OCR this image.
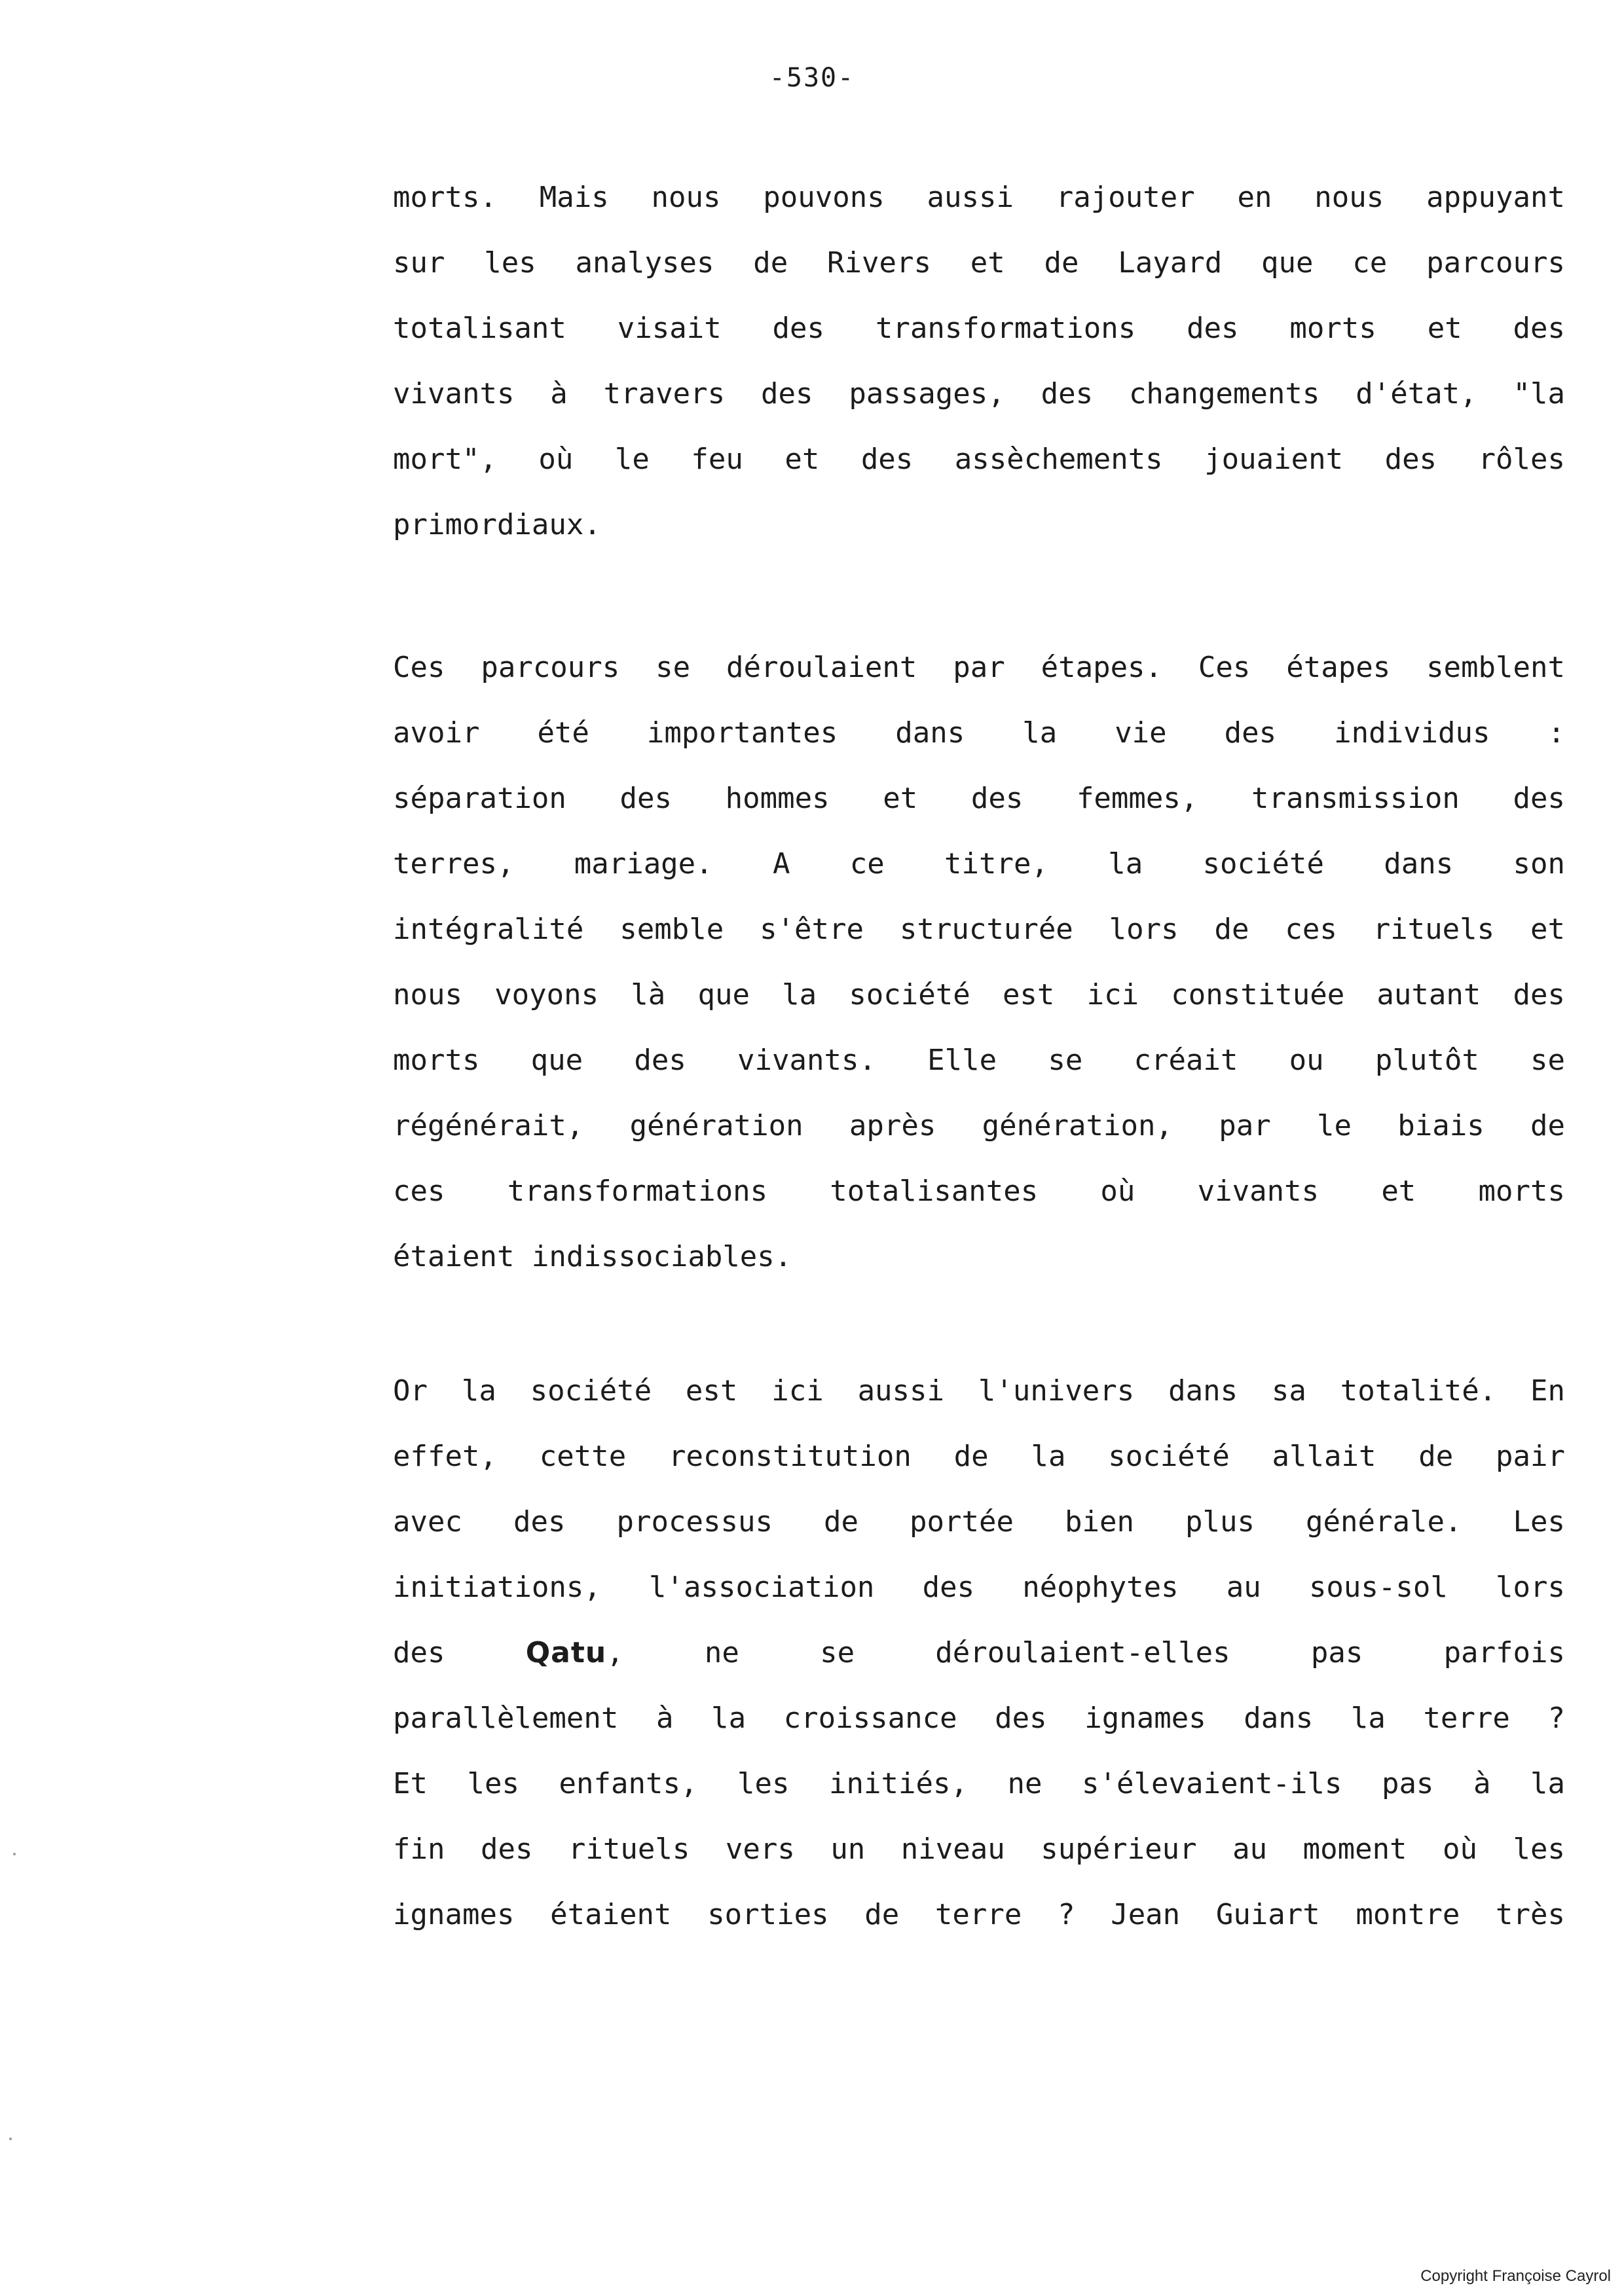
-530-
morts. Mais nous pouvons aussi rajouter en nous appuyant
sur les analyses de Rivers et de Layard que ce parcours
totalisant visait des transformations des morts et des
vivants à travers des passages, des changements d'état, "la
mort", où le feu et des assèchements jouaient des rôles
primordiaux.
Ces parcours se déroulaient par étapes. Ces étapes semblent
avoir été importantes dans la vie des individus :
séparation des hommes et des femmes, transmission des
terres, mariage. A ce titre, la société dans son
intégralité semble s'être structurée lors de ces rituels et
nous voyons là que la société est ici constituée autant des
morts que des vivants. Elle se créait ou plutôt se
régénérait, génération après génération, par le biais de
ces transformations totalisantes où vivants et morts
étaient indissociables.
Or la société est ici aussi l'univers dans sa totalité. En
effet, cette reconstitution de la société allait de pair
avec des processus de portée bien plus générale. Les
initiations, l'association des néophytes au sous-sol lors
des	Qatu, ne se déroulaient-elles pas parfois
parallèlement à la croissance des ignames dans la terre ?
Et les enfants, les initiés, ne s'élevaient-ils pas à la
fin des rituels vers un niveau supérieur au moment où les
ignames étaient sorties de terre ? Jean Guiart montre très
Copyright Françoise Cayrol
